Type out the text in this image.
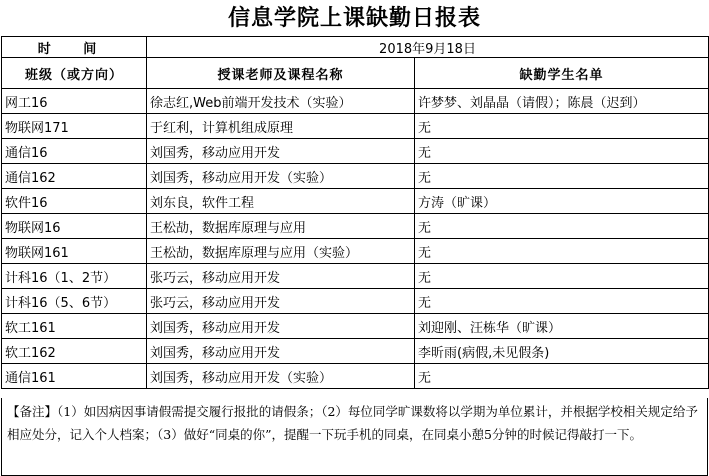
信息学院上课缺勤日报表
时 间	2018年9月18日	
班级（或方向）	授课老师及课程名称	缺勤学生名单
网工16	徐志红,Web前端开发技术（实验）	许梦梦、刘晶晶（请假）；陈晨（迟到）
物联网171	于红利，计算机组成原理	无
通信16	刘国秀，移动应用开发	无
通信162	刘国秀，移动应用开发（实验）	无
软件16	刘东良，软件工程	方涛（旷课）
物联网16	王松劼，数据库原理与应用	无
物联网161	王松劼，数据库原理与应用（实验）	无
计科16（1、2节）	张巧云，移动应用开发	无
计科16（5、6节）	张巧云，移动应用开发	无
软工161	刘国秀，移动应用开发	刘迎刚、汪栋华（旷课）
软工162	刘国秀，移动应用开发	李昕雨(病假,未见假条)
通信161	刘国秀，移动应用开发（实验）	无
【备注】（1）如因病因事请假需提交履行报批的请假条；（2）每位同学旷课数将以学期为单位累计，并根据学校相关规定给予相应处分，记入个人档案；（3）做好“同桌的你”，提醒一下玩手机的同桌，在同桌小憩5分钟的时候记得敲打一下。
